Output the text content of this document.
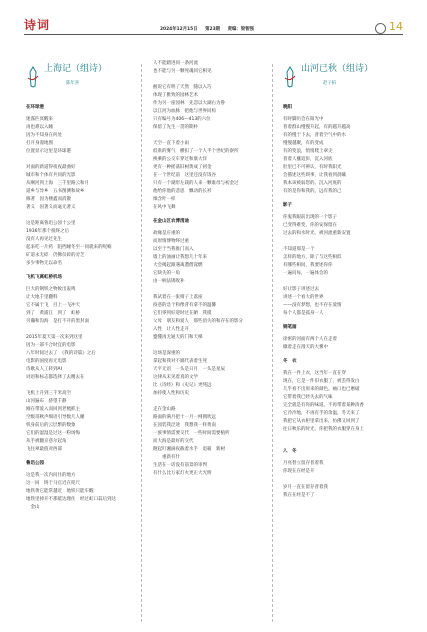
诗词	2024年12月15日 第23期 责编：梁智强	14
上海记（组诗）
陈年喜
在环球港
迷霧匹冥醒来
再也难以入睡
因为不知身在何处
打开身漫地图
位置显示这里是环球港
对面的新道得夜夜最曲好
城市和个体有共同的光影
从啊河到上海　三千里路云和月
道乡与异乡　五书图测和故乡
修著　因为楼鑫而消散
著义　因著义而毫无著义
这是距离鲁迅公园十公里
1936年那个很终之后
没有人再见过先生
起来吃一片药　阻挡睡冬至一同就来的呢喃
矿道永无碎　仍佛仅碎的旁芝
多少事物无以命名
飞机飞离虹桥机场
巨大的钢铁之物攸出轰鸣
让大地千里翻料
它不属于飞　目上一飞冲天
到了　黄浦江　到了　虹桥
另瀚和沟海　是打不开的黑封面
2015年夏天第一次来到这里
因为一部不合时宜的电影
八年时间过去了　《我的诗篇》之后
电影的国度再无电影
诗歌从人工转到AI
词语和标志都选择了去精去在
飞机上升到三千米高空
山河遍布　骄望千静
刚在带爱入而回到老梳抓主
空级哥秋声细语引导数几人睡
机身前后的云层繁的数象
它们的湿湿是过这一粉场悔
从手被翻京惑尔起角
飞往翠最值对西部
鲁迅公园
这是我一次内问住的地方
这一回　终于马官近在咫尺
地铁黄它能常越近　地铁只能车醒
地铁里掉开不那抵达理住　经过虹口蒜后到达
　金山
人不能踏进同一条河流
也不能与另一颗死魂同它相见
握说它有明了天然　随以入巧
体现了雅致的园林艺术
作为另一座园林　先忽以大湖右为鲁
以江河为血脉　把他与世界同构
只有编号为406—413的六位
保留了先生一贯的期朴
天空一直下着小雨
低垂的雾气　横扣了一个人半个世纪的寮所
换乘的公交车穿过和康大洋
更有一种摇荡旧树黄成了初金
在一个世纪前　这里还没有饭谷
只有一个湖形左栽的人来一颗谁母与初金过
他给你他的悲思　飘动的长衫
细含叶一样
在风中飞舞
在金山区农博清途
故缘是庄重的
而原情博物终过重
以至于当我推门而入
墙上的油画让我想几十年来
大会揭起跟遇离遭僧窕燃
它缺失的一角
由一柄法锦收补
我试着在一张椅子上落座
疫惑的急个和像背有拿不的温馨
它们零到好迎时过在陋　我摸
父母　朋友和爱人　那些消失的和存在的影分
入性　让人性走开
蹙懂再无通天的门和天梯
这场是深重的
拿起和我对不鄙代表着生死
天平无语　一头是日月　一头是星辰
这律从未见着真的文学
比《诗经》和《史记》更纯远
加持使人性和历史
走在金山路
路面的满月把十一月一网拥吹远
在园装我泛途　我想我一样黄南
一族事情需要交代　一些时间需要植听
而大海是最好的交代
瞪起叮湘滴夜截着水手　退箱　新树
　　重新有什
生活在一话没有前景的审判
有什么比万家灯火更正大光明
山河已秋（组诗）
赵子柏
晚阳
有时脚历会在阳光中
普着群山慢慢升起，有的越升越高
有的慢于下去，普着空气中的水
慢慢越聚，有的变成
有的变浪，悄悄爬上翠尖
普着人蘸追彭，沉入河底
肚里已不可辨认，有时我阳光
会描述这些琐事，让我看到晨曦
我本该被弱您的。沉入河底的
有的是你和我的。远有我的己
影子
你鬼我眼前出现的一个影子
已变得难变，你的安保留在
过去的和水时光，被河流重新安置
不知道那是一个
怎样的地方，除了与这些相似
有哪些相同，我要述你你
一遍问每，一遍体会的
好让影子讲述过去
讲述一个看大的世界
——没有梦想，也不存在爱情
每个人都是孤身一人
铜笔画
徐密的河面有两个人在走着
徽着走在漫天的大雾中
冬　衣
我在一件上衣，这当年一直在穿
现在，它是一件旧衣服了，被丢得发白
几乎看不出原来的颜色。袖口也已磨破
它带着我已经失去的气味
完全就是有你的味道。不再带着某种清香
它冷冷地，不再有手的余温，冬天来了
我把它从衣柜里拿出来，仿佛又回到了
往日秋乐的时光，你把我的衣服穿在身上
入　冬
月亮替立留存普着我
你现在在经是开
岁月一直在留存普着我
我在在经是不了
